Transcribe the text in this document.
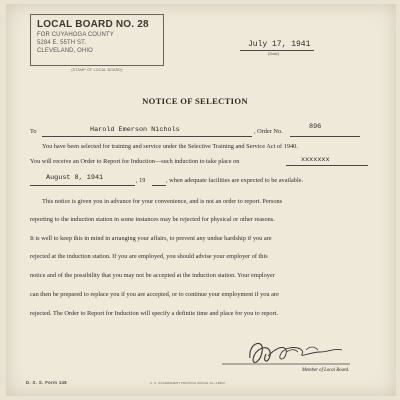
LOCAL BOARD NO. 28
FOR CUYAHOGA COUNTY
5284 E. 55TH ST.
CLEVELAND, OHIO
(STAMP OF LOCAL BOARD)
July 17, 1941
(Date)
NOTICE OF SELECTION
To	Harold Emerson Nichols	, Order No.
896
You have been selected for training and service under the Selective Training and Service Act of 1940.
You will receive an Order to Report for Induction—such induction to take place on	xxxxxxx
August 8, 1941	, 19	, when adequate facilities are expected to be available.
This notice is given you in advance for your convenience, and is not an order to report. Persons
reporting to the induction station in some instances may be rejected for physical or other reasons.
It is well to keep this in mind in arranging your affairs, to prevent any undue hardship if you are
rejected at the induction station. If you are employed, you should advise your employer of this
notice and of the possibility that you may not be accepted at the induction station. Your employer
can then be prepared to replace you if you are accepted, or to continue your employment if you are
rejected. The Order to Report for Induction will specify a definite time and place for you to report.
Member of Local Board.
D. S. S. Form 148	U. S. GOVERNMENT PRINTING OFFICE 16—19803
